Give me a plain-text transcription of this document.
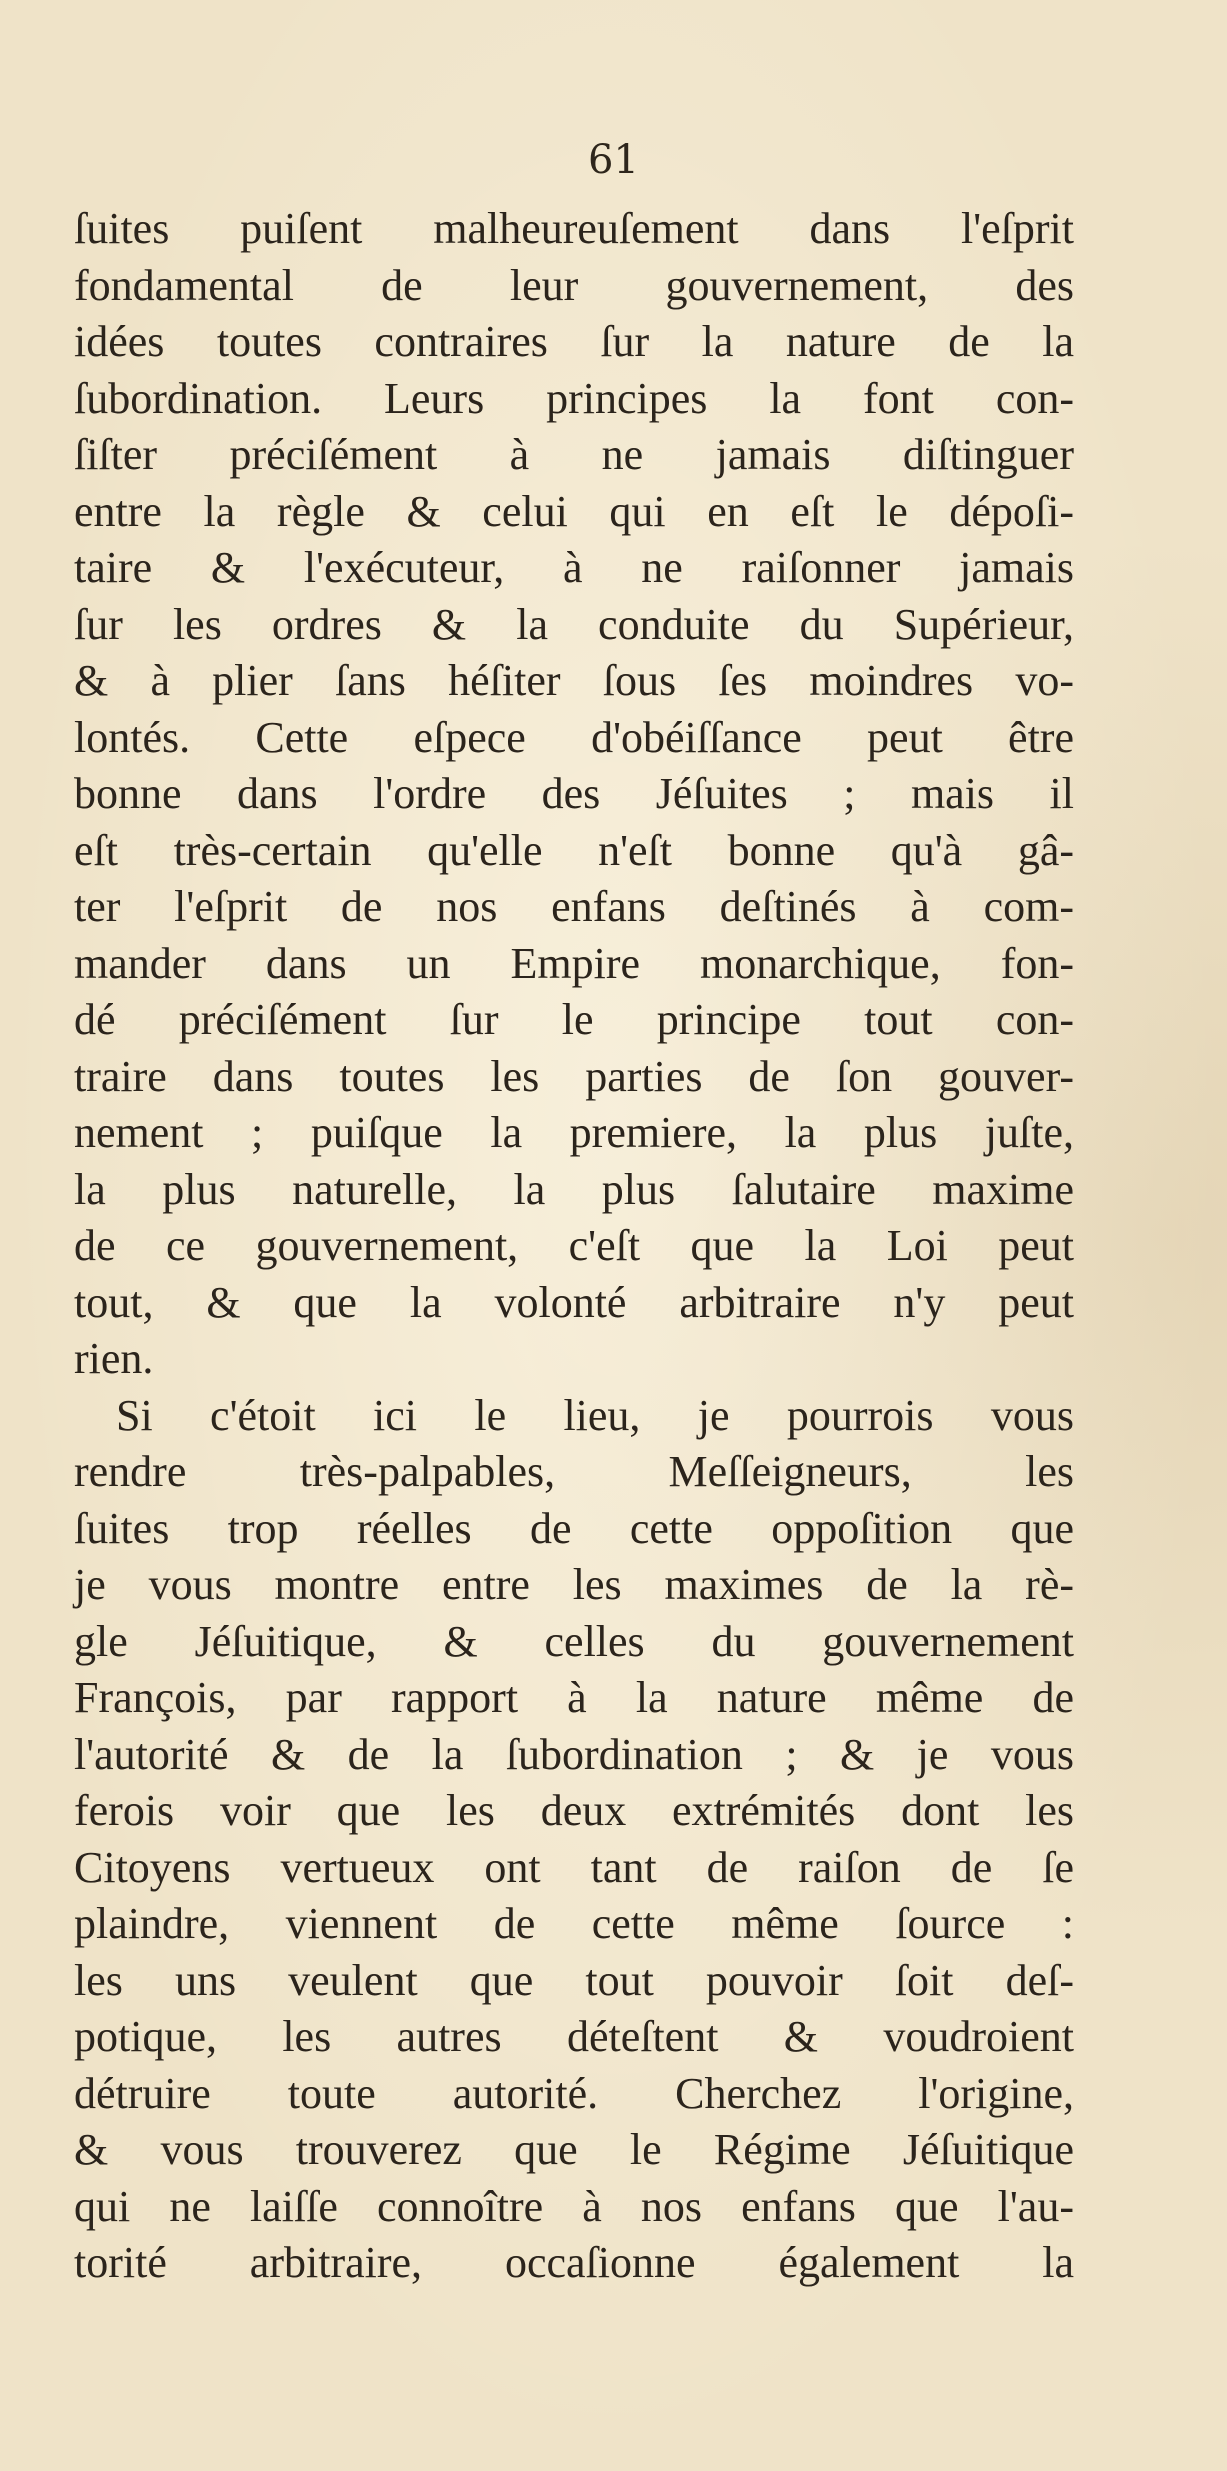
61
ſuites puiſent malheureuſement dans l'eſprit
fondamental de leur gouvernement, des
idées toutes contraires ſur la nature de la
ſubordination. Leurs principes la font con-
ſiſter préciſément à ne jamais diſtinguer
entre la règle & celui qui en eſt le dépoſi-
taire & l'exécuteur, à ne raiſonner jamais
ſur les ordres & la conduite du Supérieur,
& à plier ſans héſiter ſous ſes moindres vo-
lontés. Cette eſpece d'obéiſſance peut être
bonne dans l'ordre des Jéſuites ; mais il
eſt très-certain qu'elle n'eſt bonne qu'à gâ-
ter l'eſprit de nos enfans deſtinés à com-
mander dans un Empire monarchique, fon-
dé préciſément ſur le principe tout con-
traire dans toutes les parties de ſon gouver-
nement ; puiſque la premiere, la plus juſte,
la plus naturelle, la plus ſalutaire maxime
de ce gouvernement, c'eſt que la Loi peut
tout, & que la volonté arbitraire n'y peut
rien.
Si c'étoit ici le lieu, je pourrois vous
rendre très-palpables, Meſſeigneurs, les
ſuites trop réelles de cette oppoſition que
je vous montre entre les maximes de la rè-
gle Jéſuitique, & celles du gouvernement
François, par rapport à la nature même de
l'autorité & de la ſubordination ; & je vous
ferois voir que les deux extrémités dont les
Citoyens vertueux ont tant de raiſon de ſe
plaindre, viennent de cette même ſource :
les uns veulent que tout pouvoir ſoit deſ-
potique, les autres déteſtent & voudroient
détruire toute autorité. Cherchez l'origine,
& vous trouverez que le Régime Jéſuitique
qui ne laiſſe connoître à nos enfans que l'au-
torité arbitraire, occaſionne également la
